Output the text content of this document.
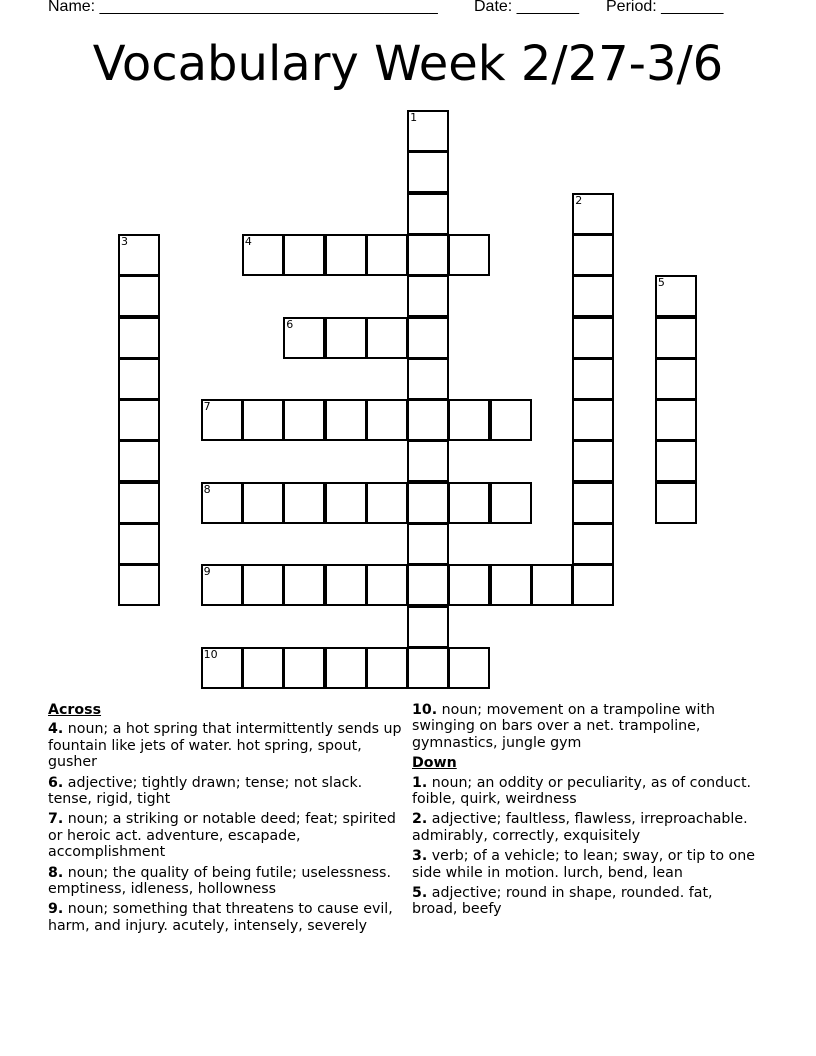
Name: ______________________________________ Date: _______ Period: _______
Vocabulary Week 2/27-3/6
1
2
3	4
5
6
7
8
9
10
Across
4. noun; a hot spring that intermittently sends up fountain like jets of water. hot spring, spout, gusher
6. adjective; tightly drawn; tense; not slack. tense, rigid, tight
7. noun; a striking or notable deed; feat; spirited or heroic act. adventure, escapade, accomplishment
8. noun; the quality of being futile; uselessness. emptiness, idleness, hollowness
9. noun; something that threatens to cause evil, harm, and injury. acutely, intensely, severely
10. noun; movement on a trampoline with swinging on bars over a net. trampoline, gymnastics, jungle gym
Down
1. noun; an oddity or peculiarity, as of conduct. foible, quirk, weirdness
2. adjective; faultless, flawless, irreproachable. admirably, correctly, exquisitely
3. verb; of a vehicle; to lean; sway, or tip to one side while in motion. lurch, bend, lean
5. adjective; round in shape, rounded. fat, broad, beefy
